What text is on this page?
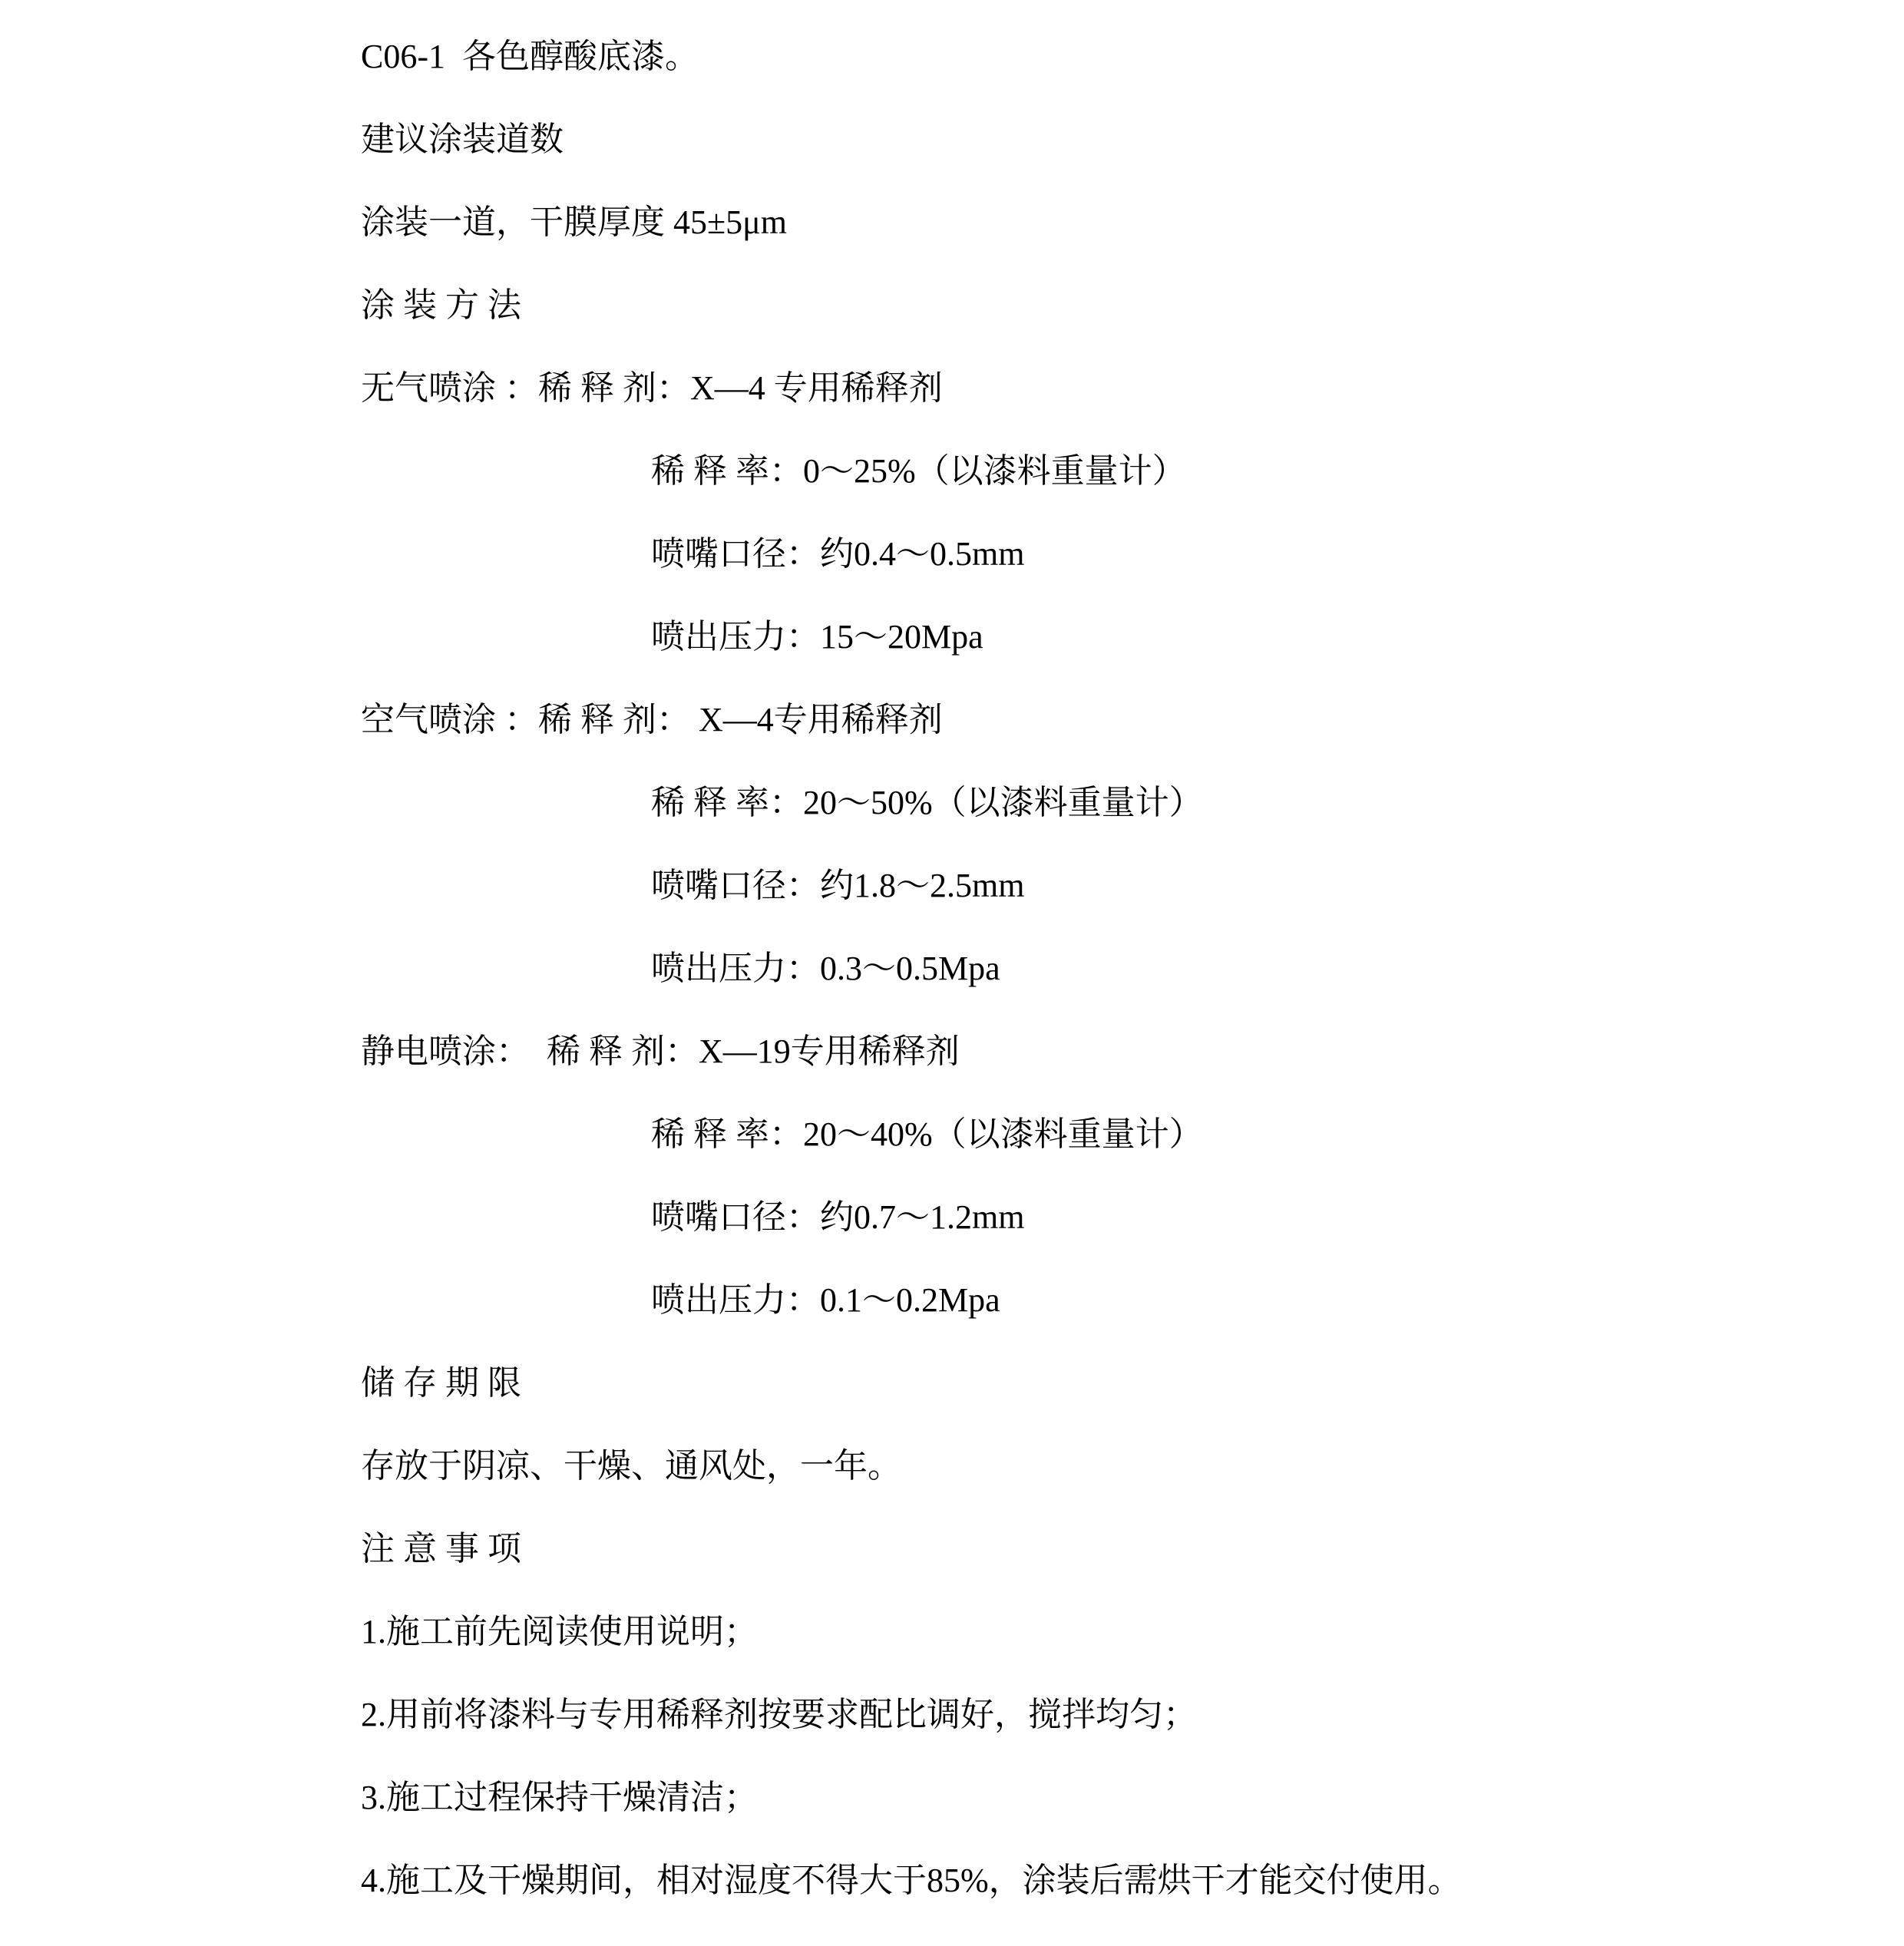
C06-1  各色醇酸底漆。

建议涂装道数

涂装一道，干膜厚度 45±5μm

涂 装 方 法

无气喷涂 ：稀 释 剂：X—4 专用稀释剂

稀 释 率：0～25%（以漆料重量计）

喷嘴口径：约0.4～0.5mm

喷出压力：15～20Mpa

空气喷涂 ：稀 释 剂： X—4专用稀释剂

稀 释 率：20～50%（以漆料重量计）

喷嘴口径：约1.8～2.5mm

喷出压力：0.3～0.5Mpa

静电喷涂：  稀 释 剂：X—19专用稀释剂

稀 释 率：20～40%（以漆料重量计）

喷嘴口径：约0.7～1.2mm

喷出压力：0.1～0.2Mpa

储 存 期 限

存放于阴凉、干燥、通风处，一年。

注 意 事 项

1.施工前先阅读使用说明；

2.用前将漆料与专用稀释剂按要求配比调好，搅拌均匀；

3.施工过程保持干燥清洁；

4.施工及干燥期间，相对湿度不得大于85%，涂装后需烘干才能交付使用。
